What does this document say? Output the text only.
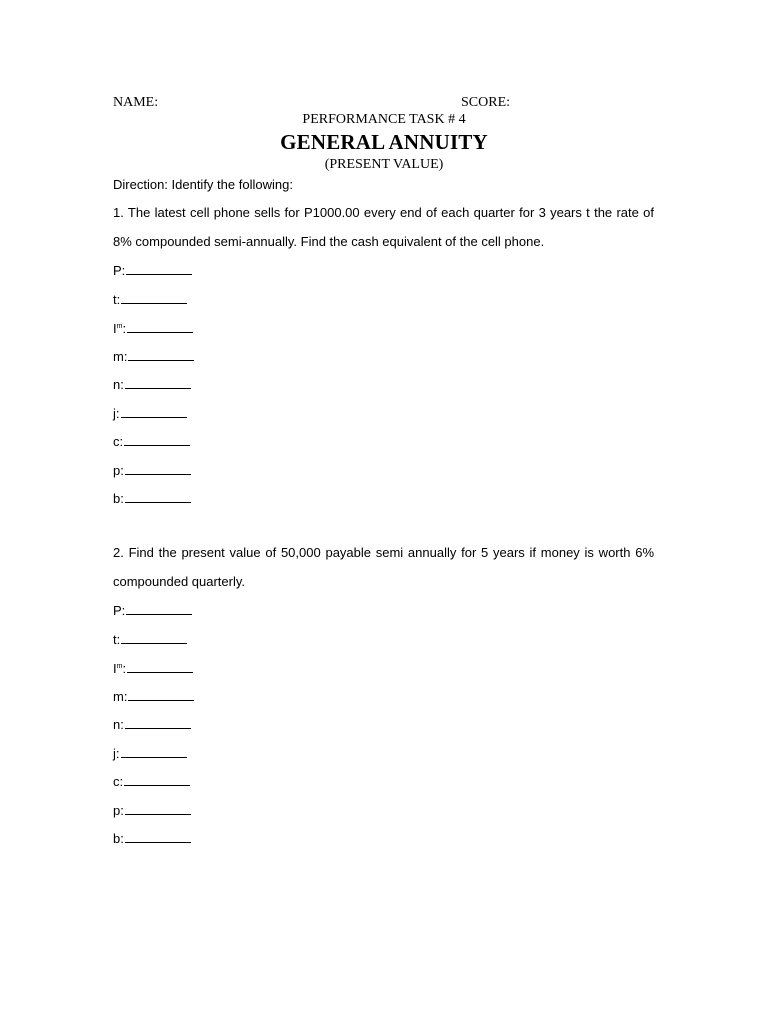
NAME:	SCORE:
PERFORMANCE TASK # 4
GENERAL ANNUITY
(PRESENT VALUE)
Direction: Identify the following:
1. The latest cell phone sells for P1000.00 every end of each quarter for 3 years t the rate of 8% compounded semi-annually. Find the cash equivalent of the cell phone.
P:
t:
$I^m$:
m:
n:
j:
c:
p:
b:
2. Find the present value of 50,000 payable semi annually for 5 years if money is worth 6% compounded quarterly.
P:
t:
$I^m$:
m:
n:
j:
c:
p:
b:
